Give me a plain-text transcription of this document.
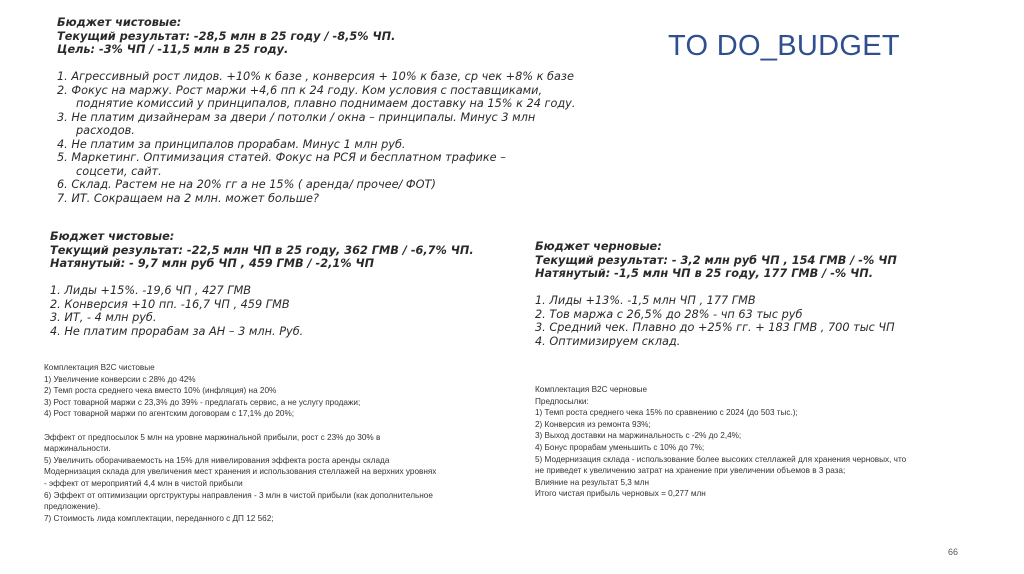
TO DO_BUDGET
Бюджет чистовые:
Текущий результат: -28,5 млн в 25 году / -8,5% ЧП.
Цель: -3% ЧП / -11,5 млн в 25 году.
1. Агрессивный рост лидов. +10% к базе , конверсия + 10% к базе, ср чек +8% к базе
2. Фокус на маржу. Рост маржи +4,6 пп к 24 году. Ком условия с поставщиками,
поднятие комиссий у принципалов, плавно поднимаем доставку на 15% к 24 году.
3. Не платим дизайнерам за двери / потолки / окна – принципалы. Минус 3 млн
расходов.
4. Не платим за принципалов прорабам. Минус 1 млн руб.
5. Маркетинг. Оптимизация статей. Фокус на РСЯ и бесплатном трафике –
соцсети, сайт.
6. Склад. Растем не на 20% гг а не 15% ( аренда/ прочее/ ФОТ)
7. ИТ. Сокращаем на 2 млн. может больше?
Бюджет чистовые:
Текущий результат: -22,5 млн ЧП в 25 году, 362 ГМВ / -6,7% ЧП.
Натянутый: - 9,7 млн руб ЧП , 459 ГМВ / -2,1% ЧП
1. Лиды +15%. -19,6 ЧП , 427 ГМВ
2. Конверсия +10 пп. -16,7 ЧП , 459 ГМВ
3. ИТ, - 4 млн руб.
4. Не платим прорабам за АН – 3 млн. Руб.
Бюджет черновые:
Текущий результат: - 3,2 млн руб ЧП , 154 ГМВ / -% ЧП
Натянутый: -1,5 млн ЧП в 25 году, 177 ГМВ / -% ЧП.
1. Лиды +13%. -1,5 млн ЧП , 177 ГМВ
2. Тов маржа с 26,5% до 28% - чп 63 тыс руб
3. Средний чек. Плавно до +25% гг. + 183 ГМВ , 700 тыс ЧП
4. Оптимизируем склад.
Комплектация B2C чистовые
1) Увеличение конверсии с 28% до 42%
2) Темп роста среднего чека вместо 10% (инфляция) на 20%
3) Рост товарной маржи с 23,3% до 39% - предлагать сервис, а не услугу продажи;
4) Рост товарной маржи по агентским договорам с 17,1% до 20%;
Эффект от предпосылок 5 млн на уровне маржинальной прибыли, рост с 23% до 30% в
маржинальности.
5) Увеличить оборачиваемость на 15% для нивелирования эффекта роста аренды склада
Модернизация склада для увеличения мест хранения и использования стеллажей на верхних уровнях
- эффект от мероприятий 4,4 млн в чистой прибыли
6) Эффект от оптимизации оргструктуры направления - 3 млн в чистой прибыли (как дополнительное
предложение).
7) Стоимость лида комплектации, переданного с ДП 12 562;
Комплектация B2C черновые
Предпосылки:
1) Темп роста среднего чека 15% по сравнению с 2024 (до 503 тыс.);
2) Конверсия из ремонта 93%;
3) Выход доставки на маржинальность с -2% до 2,4%;
4) Бонус прорабам уменьшить с 10% до 7%;
5) Модернизация склада - использование более высоких стеллажей для хранения черновых, что
не приведет к увеличению затрат на хранение при увеличении объемов в 3 раза;
Влияние на результат 5,3 млн
Итого чистая прибыль черновых = 0,277 млн
66
